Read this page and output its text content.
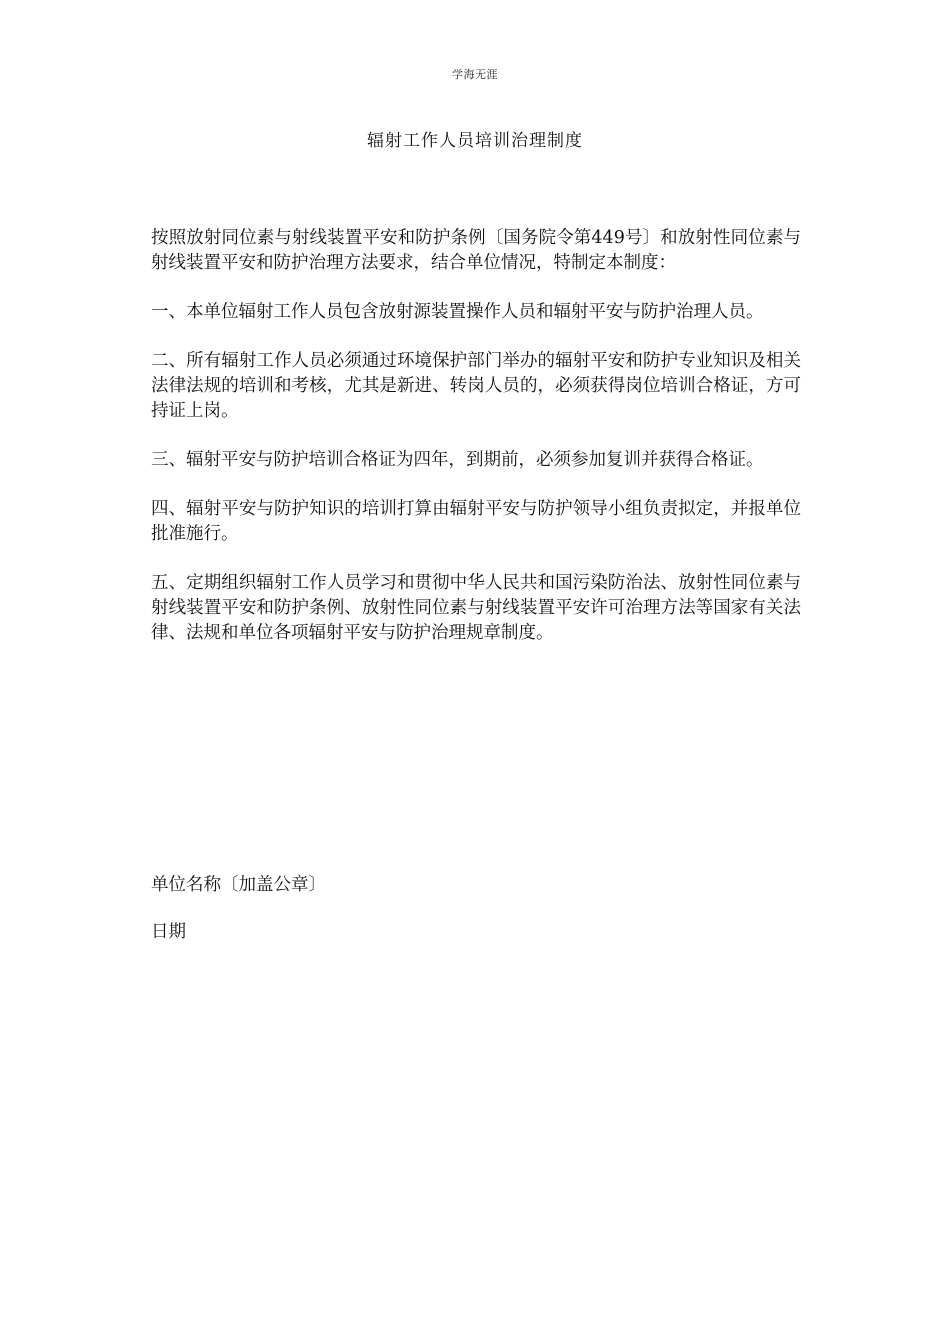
学海无涯
辐射工作人员培训治理制度

按照放射同位素与射线装置平安和防护条例〔国务院令第449号〕和放射性同位素与射线装置平安和防护治理方法要求，结合单位情况，特制定本制度：

一、本单位辐射工作人员包含放射源装置操作人员和辐射平安与防护治理人员。

二、所有辐射工作人员必须通过环境保护部门举办的辐射平安和防护专业知识及相关法律法规的培训和考核，尤其是新进、转岗人员的，必须获得岗位培训合格证，方可持证上岗。

三、辐射平安与防护培训合格证为四年，到期前，必须参加复训并获得合格证。

四、辐射平安与防护知识的培训打算由辐射平安与防护领导小组负责拟定，并报单位批准施行。

五、定期组织辐射工作人员学习和贯彻中华人民共和国污染防治法、放射性同位素与射线装置平安和防护条例、放射性同位素与射线装置平安许可治理方法等国家有关法律、法规和单位各项辐射平安与防护治理规章制度。

单位名称〔加盖公章〕

日期
